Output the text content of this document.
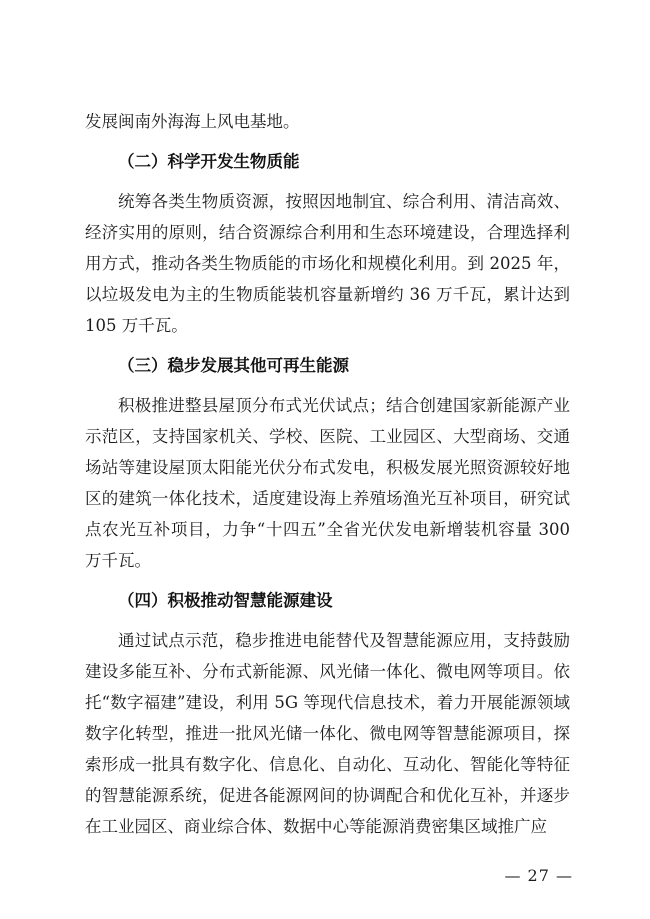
发展闽南外海海上风电基地。

（二）科学开发生物质能

统筹各类生物质资源，按照因地制宜、综合利用、清洁高效、经济实用的原则，结合资源综合利用和生态环境建设，合理选择利用方式，推动各类生物质能的市场化和规模化利用。到 2025 年，以垃圾发电为主的生物质能装机容量新增约 36 万千瓦，累计达到 105 万千瓦。

（三）稳步发展其他可再生能源

积极推进整县屋顶分布式光伏试点；结合创建国家新能源产业示范区，支持国家机关、学校、医院、工业园区、大型商场、交通场站等建设屋顶太阳能光伏分布式发电，积极发展光照资源较好地区的建筑一体化技术，适度建设海上养殖场渔光互补项目，研究试点农光互补项目，力争“十四五”全省光伏发电新增装机容量 300 万千瓦。

（四）积极推动智慧能源建设

通过试点示范，稳步推进电能替代及智慧能源应用，支持鼓励建设多能互补、分布式新能源、风光储一体化、微电网等项目。依托“数字福建”建设，利用 5G 等现代信息技术，着力开展能源领域数字化转型，推进一批风光储一体化、微电网等智慧能源项目，探索形成一批具有数字化、信息化、自动化、互动化、智能化等特征的智慧能源系统，促进各能源网间的协调配合和优化互补，并逐步在工业园区、商业综合体、数据中心等能源消费密集区域推广应

— 27 —
